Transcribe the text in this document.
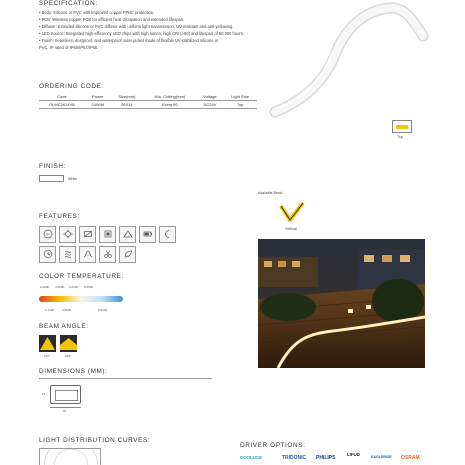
SPECIFICATION:
• Body: Silicone or PVC with improved copper FPBC protection.
• PCB: Wireless copper PCB for efficient heat dissipation and extended lifespan.
• Diffuser: Extruded silicone or PVC diffuser with uniform light transmission, UV-resistant and anti-yellowing.
• LED Source: Integrated high-efficiency LED chips with high lumen, high CRI (>90) and lifespan of 50,000 hours.
• Finish: Seamless, dustproof, and waterproof outer jacket made of flexible UV-stabilized silicone or
PVC, IP rated of IP65/IP67/IP68.
ORDERING CODE:
Code	Power	Size(mm)	Min. Cutting(mm)	Voltage	Light Side
OLMC2614VB	24W/M	26X14	Every 50	DC24V	Top
Top
FINISH:
White
Available Bend:
Vertical
FEATURES:
IP
COLOR TEMPERATURE:
2,200K 3,000K 4,000K 5,000K
2,700K 3,500K	6,500K
BEAM ANGLE:
120°	180°
DIMENSIONS (MM):
14
26
LIGHT DISTRIBUTION CURVES:
DRIVER OPTIONS:
COOLUCE	TRIDONIC PHILIPS
LIFUD	EAGLERISE OSRAM
